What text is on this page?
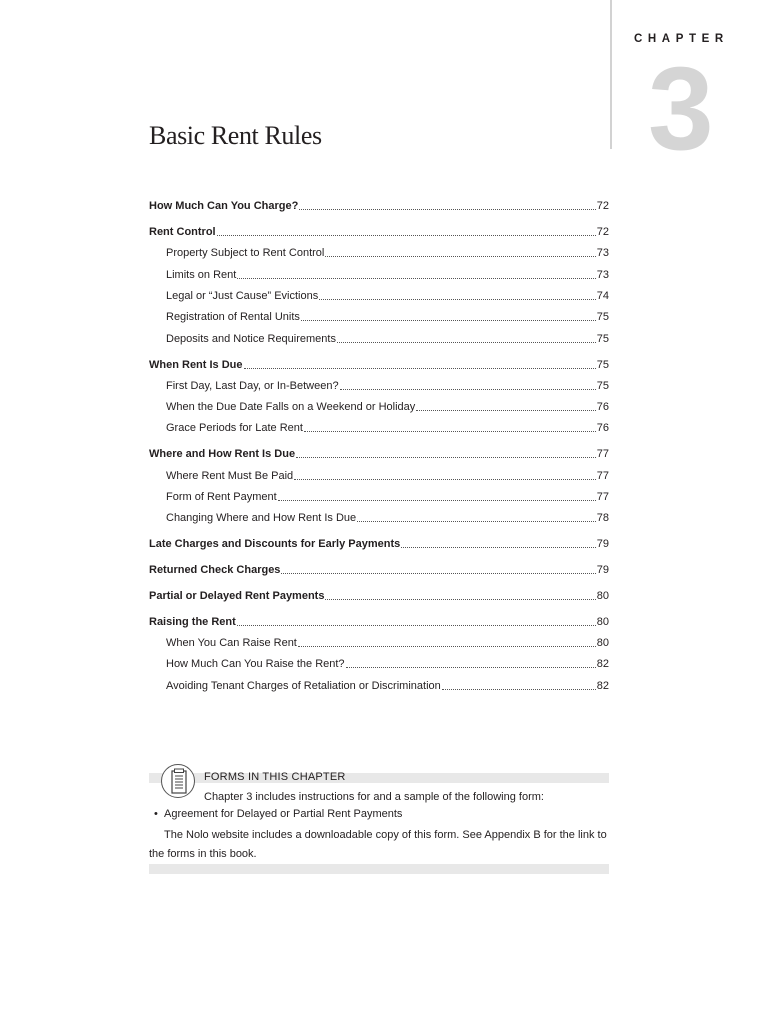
CHAPTER
3
Basic Rent Rules
How Much Can You Charge?	72
Rent Control	72
Property Subject to Rent Control	73
Limits on Rent	73
Legal or “Just Cause” Evictions	74
Registration of Rental Units	75
Deposits and Notice Requirements	75
When Rent Is Due	75
First Day, Last Day, or In-Between?	75
When the Due Date Falls on a Weekend or Holiday	76
Grace Periods for Late Rent	76
Where and How Rent Is Due	77
Where Rent Must Be Paid	77
Form of Rent Payment	77
Changing Where and How Rent Is Due	78
Late Charges and Discounts for Early Payments	79
Returned Check Charges	79
Partial or Delayed Rent Payments	80
Raising the Rent	80
When You Can Raise Rent	80
How Much Can You Raise the Rent?	82
Avoiding Tenant Charges of Retaliation or Discrimination	82
FORMS IN THIS CHAPTER
Chapter 3 includes instructions for and a sample of the following form:
• Agreement for Delayed or Partial Rent Payments
The Nolo website includes a downloadable copy of this form. See Appendix B for the link to the forms in this book.
